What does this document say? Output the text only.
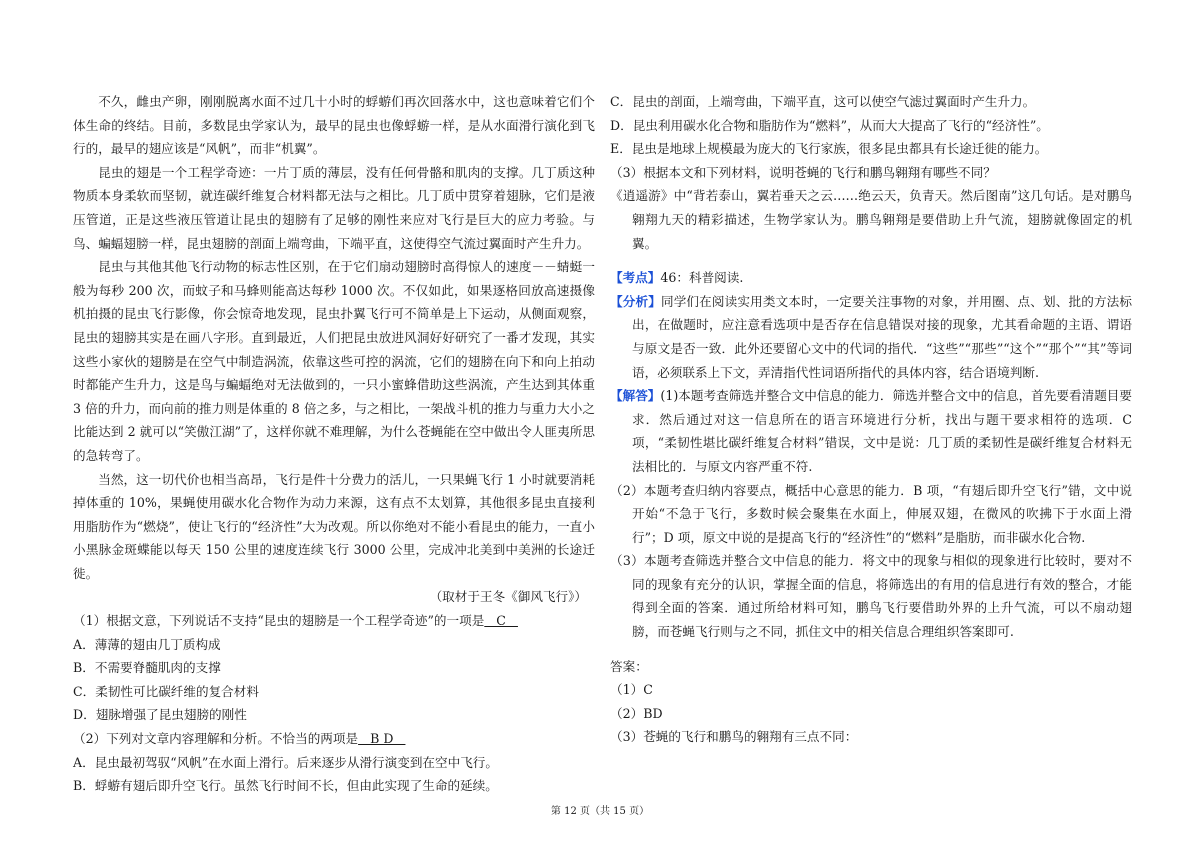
不久，雌虫产卵，刚刚脱离水面不过几十小时的蜉蝣们再次回落水中，这也意味着它们个体生命的终结。目前，多数昆虫学家认为，最早的昆虫也像蜉蝣一样，是从水面滑行演化到飞行的，最早的翅应该是“风帆”，而非“机翼”。

昆虫的翅是一个工程学奇迹：一片丁质的薄层，没有任何骨骼和肌肉的支撑。几丁质这种物质本身柔软而坚韧，就连碳纤维复合材料都无法与之相比。几丁质中贯穿着翅脉，它们是液压管道，正是这些液压管道让昆虫的翅膀有了足够的刚性来应对飞行是巨大的应力考验。与鸟、蝙蝠翅膀一样，昆虫翅膀的剖面上端弯曲，下端平直，这使得空气流过翼面时产生升力。

昆虫与其他其他飞行动物的标志性区别，在于它们扇动翅膀时高得惊人的速度－－蜻蜓一般为每秒 200 次，而蚊子和马蜂则能高达每秒 1000 次。不仅如此，如果逐格回放高速摄像机拍摄的昆虫飞行影像，你会惊奇地发现，昆虫扑翼飞行可不简单是上下运动，从侧面观察，昆虫的翅膀其实是在画八字形。直到最近，人们把昆虫放进风洞好好研究了一番才发现，其实这些小家伙的翅膀是在空气中制造涡流，依靠这些可控的涡流，它们的翅膀在向下和向上拍动时都能产生升力，这是鸟与蝙蝠绝对无法做到的，一只小蜜蜂借助这些涡流，产生达到其体重 3 倍的升力，而向前的推力则是体重的 8 倍之多，与之相比，一架战斗机的推力与重力大小之比能达到 2 就可以“笑傲江湖”了，这样你就不难理解，为什么苍蝇能在空中做出令人匪夷所思的急转弯了。

当然，这一切代价也相当高昂，飞行是件十分费力的活儿，一只果蝇飞行 1 小时就要消耗掉体重的 10%，果蝇使用碳水化合物作为动力来源，这有点不太划算，其他很多昆虫直接利用脂肪作为“燃烧”，使让飞行的“经济性”大为改观。所以你绝对不能小看昆虫的能力，一直小小黑脉金斑蝶能以每天 150 公里的速度连续飞行 3000 公里，完成冲北美到中美洲的长途迁徙。

（取材于王冬《御风飞行》）

（1）根据文意，下列说话不支持“昆虫的翅膀是一个工程学奇迹”的一项是   C

A．薄薄的翅由几丁质构成

B．不需要脊髓肌肉的支撑

C．柔韧性可比碳纤维的复合材料

D．翅脉增强了昆虫翅膀的刚性

（2）下列对文章内容理解和分析。不恰当的两项是   B D

A．昆虫最初驾驭“风帆”在水面上滑行。后来逐步从滑行演变到在空中飞行。

B．蜉蝣有翅后即升空飞行。虽然飞行时间不长，但由此实现了生命的延续。

C．昆虫的剖面，上端弯曲，下端平直，这可以使空气滤过翼面时产生升力。

D．昆虫利用碳水化合物和脂肪作为“燃料”，从而大大提高了飞行的“经济性”。

E．昆虫是地球上规模最为庞大的飞行家族，很多昆虫都具有长途迁徙的能力。

（3）根据本文和下列材料，说明苍蝇的飞行和鹏鸟翱翔有哪些不同？

《逍遥游》中“背若泰山，翼若垂天之云……绝云天，负青天。然后图南”这几句话。是对鹏鸟翱翔九天的精彩描述，生物学家认为。鹏鸟翱翔是要借助上升气流，翅膀就像固定的机翼。

【考点】46：科普阅读.

【分析】同学们在阅读实用类文本时，一定要关注事物的对象，并用圈、点、划、批的方法标出，在做题时，应注意看选项中是否存在信息错误对接的现象，尤其看命题的主语、谓语与原文是否一致．此外还要留心文中的代词的指代．“这些”“那些”“这个”“那个”“其”等词语，必须联系上下文，弄清指代性词语所指代的具体内容，结合语境判断.

【解答】(1)本题考查筛选并整合文中信息的能力．筛选并整合文中的信息，首先要看清题目要求．然后通过对这一信息所在的语言环境进行分析，找出与题干要求相符的选项．C 项，“柔韧性堪比碳纤维复合材料”错误，文中是说：几丁质的柔韧性是碳纤维复合材料无法相比的．与原文内容严重不符.

（2）本题考查归纳内容要点，概括中心意思的能力．B 项，“有翅后即升空飞行”错，文中说开始“不急于飞行，多数时候会聚集在水面上，伸展双翅，在微风的吹拂下于水面上滑行”；D 项，原文中说的是提高飞行的“经济性”的“燃料”是脂肪，而非碳水化合物.

（3）本题考查筛选并整合文中信息的能力．将文中的现象与相似的现象进行比较时，要对不同的现象有充分的认识，掌握全面的信息，将筛选出的有用的信息进行有效的整合，才能得到全面的答案．通过所给材料可知，鹏鸟飞行要借助外界的上升气流，可以不扇动翅膀，而苍蝇飞行则与之不同，抓住文中的相关信息合理组织答案即可.

答案：

（1）C

（2）BD

（3）苍蝇的飞行和鹏鸟的翱翔有三点不同：

第 12 页（共 15 页）
